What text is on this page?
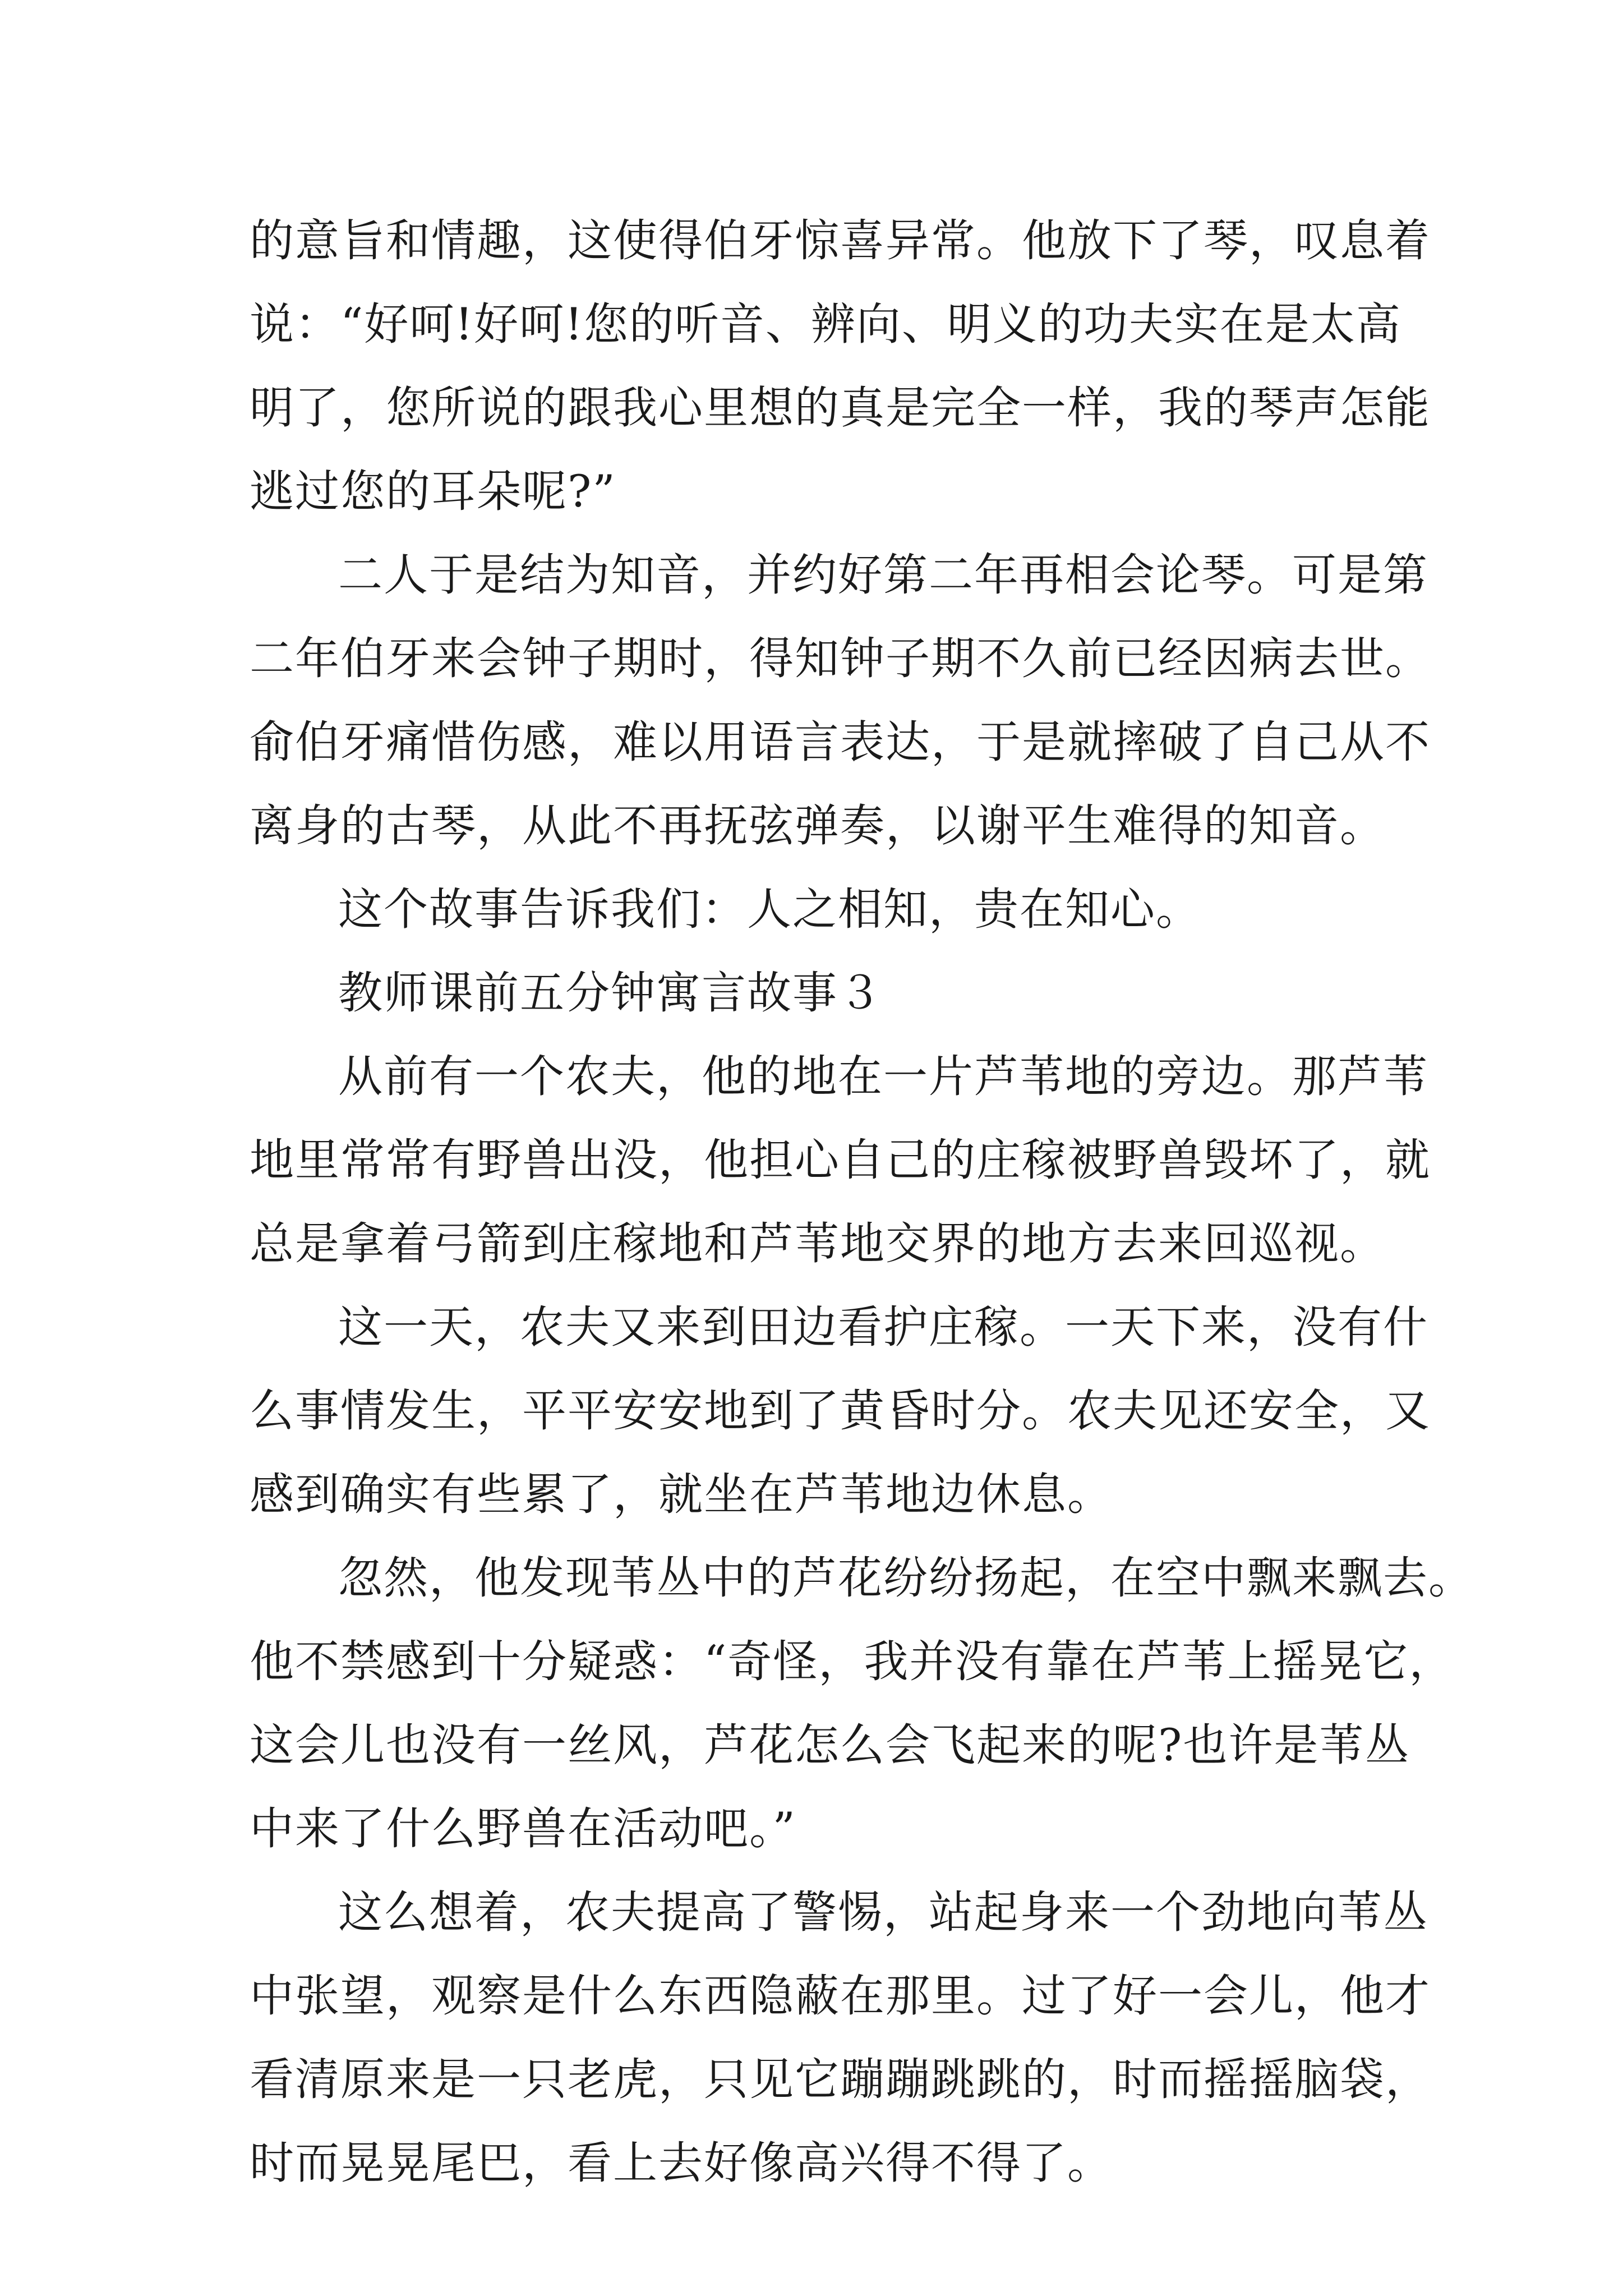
的意旨和情趣，这使得伯牙惊喜异常。他放下了琴，叹息着
说：“好呵!好呵!您的听音、辨向、明义的功夫实在是太高
明了，您所说的跟我心里想的真是完全一样，我的琴声怎能
逃过您的耳朵呢?”
二人于是结为知音，并约好第二年再相会论琴。可是第
二年伯牙来会钟子期时，得知钟子期不久前已经因病去世。
俞伯牙痛惜伤感，难以用语言表达，于是就摔破了自己从不
离身的古琴，从此不再抚弦弹奏，以谢平生难得的知音。
这个故事告诉我们：人之相知，贵在知心。
教师课前五分钟寓言故事３
从前有一个农夫，他的地在一片芦苇地的旁边。那芦苇
地里常常有野兽出没，他担心自己的庄稼被野兽毁坏了，就
总是拿着弓箭到庄稼地和芦苇地交界的地方去来回巡视。
这一天，农夫又来到田边看护庄稼。一天下来，没有什
么事情发生，平平安安地到了黄昏时分。农夫见还安全，又
感到确实有些累了，就坐在芦苇地边休息。
忽然，他发现苇丛中的芦花纷纷扬起，在空中飘来飘去。
他不禁感到十分疑惑：“奇怪，我并没有靠在芦苇上摇晃它，
这会儿也没有一丝风，芦花怎么会飞起来的呢?也许是苇丛
中来了什么野兽在活动吧。”
这么想着，农夫提高了警惕，站起身来一个劲地向苇丛
中张望，观察是什么东西隐蔽在那里。过了好一会儿，他才
看清原来是一只老虎，只见它蹦蹦跳跳的，时而摇摇脑袋，
时而晃晃尾巴，看上去好像高兴得不得了。
